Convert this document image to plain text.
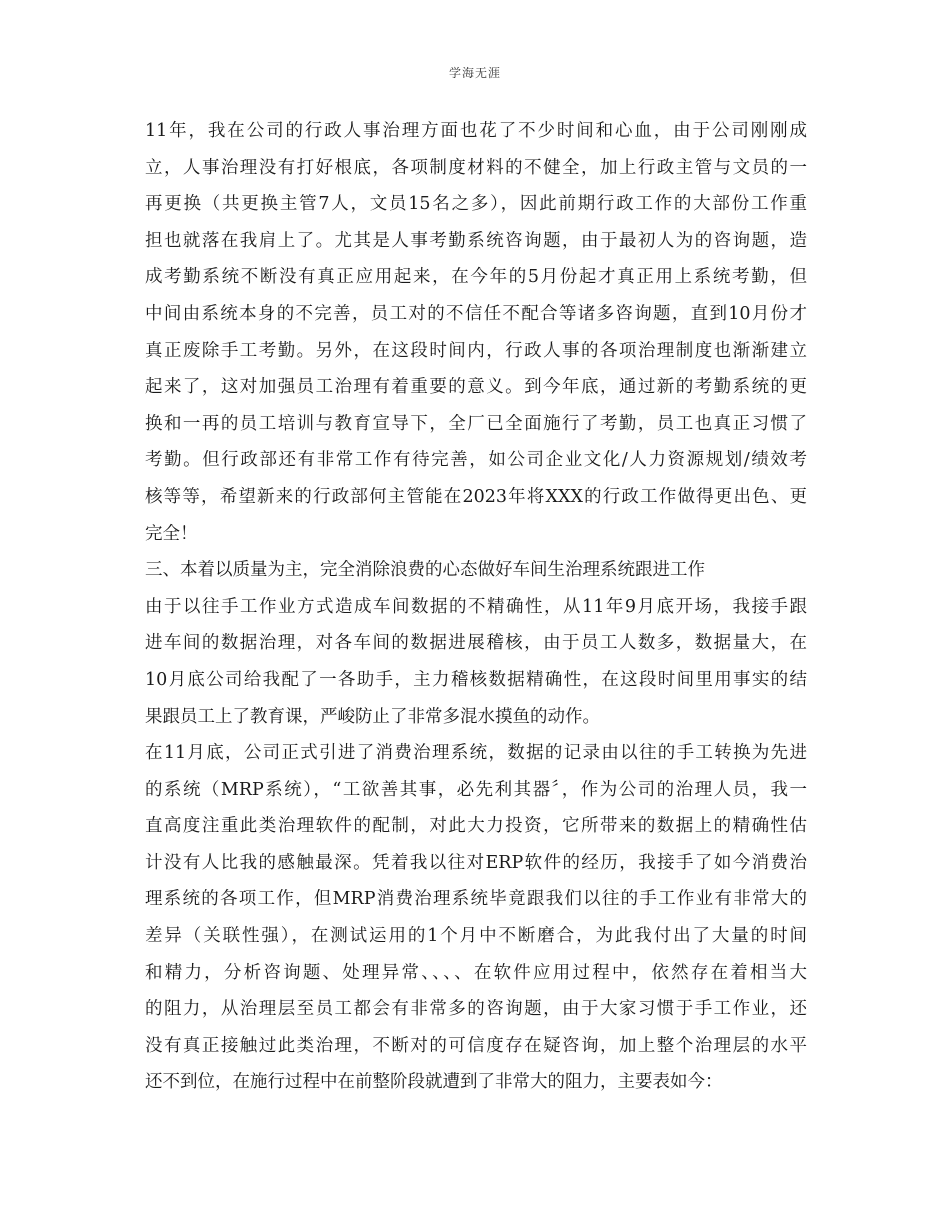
学海无涯
11年，我在公司的行政人事治理方面也花了不少时间和心血，由于公司刚刚成
立，人事治理没有打好根底，各项制度材料的不健全，加上行政主管与文员的一
再更换（共更换主管7人，文员15名之多），因此前期行政工作的大部份工作重
担也就落在我肩上了。尤其是人事考勤系统咨询题，由于最初人为的咨询题，造
成考勤系统不断没有真正应用起来，在今年的5月份起才真正用上系统考勤，但
中间由系统本身的不完善，员工对的不信任不配合等诸多咨询题，直到10月份才
真正废除手工考勤。另外，在这段时间内，行政人事的各项治理制度也渐渐建立
起来了，这对加强员工治理有着重要的意义。到今年底，通过新的考勤系统的更
换和一再的员工培训与教育宣导下，全厂已全面施行了考勤，员工也真正习惯了
考勤。但行政部还有非常工作有待完善，如公司企业文化/人力资源规划/绩效考
核等等，希望新来的行政部何主管能在2023年将XXX的行政工作做得更出色、更
完全！
三、本着以质量为主，完全消除浪费的心态做好车间生治理系统跟进工作
由于以往手工作业方式造成车间数据的不精确性，从11年9月底开场，我接手跟
进车间的数据治理，对各车间的数据进展稽核，由于员工人数多，数据量大，在
10月底公司给我配了一各助手，主力稽核数据精确性，在这段时间里用事实的结
果跟员工上了教育课，严峻防止了非常多混水摸鱼的动作。
在11月底，公司正式引进了消费治理系统，数据的记录由以往的手工转换为先进
的系统（MRP系统），“工欲善其事，必先利其器〞，作为公司的治理人员，我一
直高度注重此类治理软件的配制，对此大力投资，它所带来的数据上的精确性估
计没有人比我的感触最深。凭着我以往对ERP软件的经历，我接手了如今消费治
理系统的各项工作，但MRP消费治理系统毕竟跟我们以往的手工作业有非常大的
差异（关联性强），在测试运用的1个月中不断磨合，为此我付出了大量的时间
和精力，分析咨询题、处理异常、、、、在软件应用过程中，依然存在着相当大
的阻力，从治理层至员工都会有非常多的咨询题，由于大家习惯于手工作业，还
没有真正接触过此类治理，不断对的可信度存在疑咨询，加上整个治理层的水平
还不到位，在施行过程中在前整阶段就遭到了非常大的阻力，主要表如今：
